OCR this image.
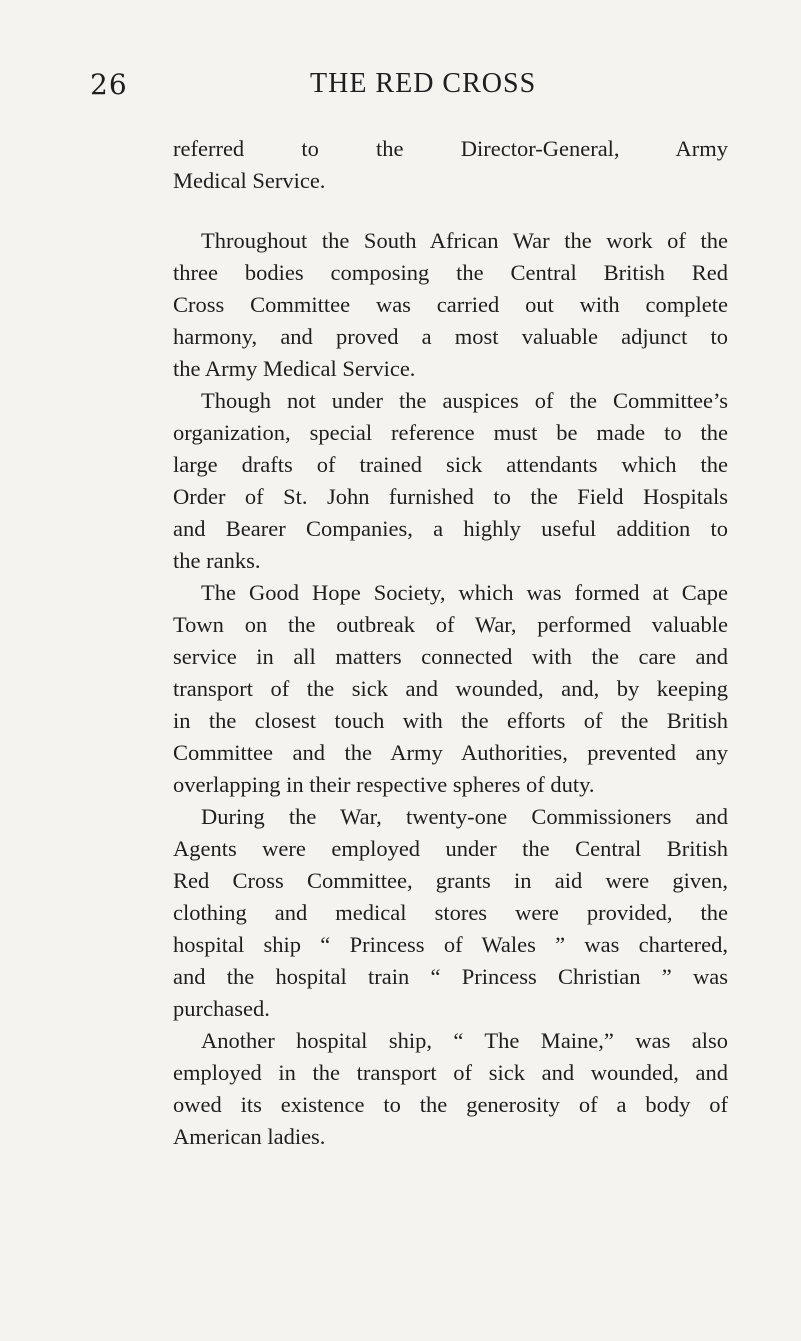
26	THE RED CROSS
referred to the Director-General, Army
Medical Service.
Throughout the South African War the work of the
three bodies composing the Central British Red
Cross Committee was carried out with complete
harmony, and proved a most valuable adjunct to
the Army Medical Service.
Though not under the auspices of the Committee’s
organization, special reference must be made to the
large drafts of trained sick attendants which the
Order of St. John furnished to the Field Hospitals
and Bearer Companies, a highly useful addition to
the ranks.
The Good Hope Society, which was formed at Cape
Town on the outbreak of War, performed valuable
service in all matters connected with the care and
transport of the sick and wounded, and, by keeping
in the closest touch with the efforts of the British
Committee and the Army Authorities, prevented any
overlapping in their respective spheres of duty.
During the War, twenty-one Commissioners and
Agents were employed under the Central British
Red Cross Committee, grants in aid were given,
clothing and medical stores were provided, the
hospital ship “ Princess of Wales ” was chartered,
and the hospital train “ Princess Christian ” was
purchased.
Another hospital ship, “ The Maine,” was also
employed in the transport of sick and wounded, and
owed its existence to the generosity of a body of
American ladies.
